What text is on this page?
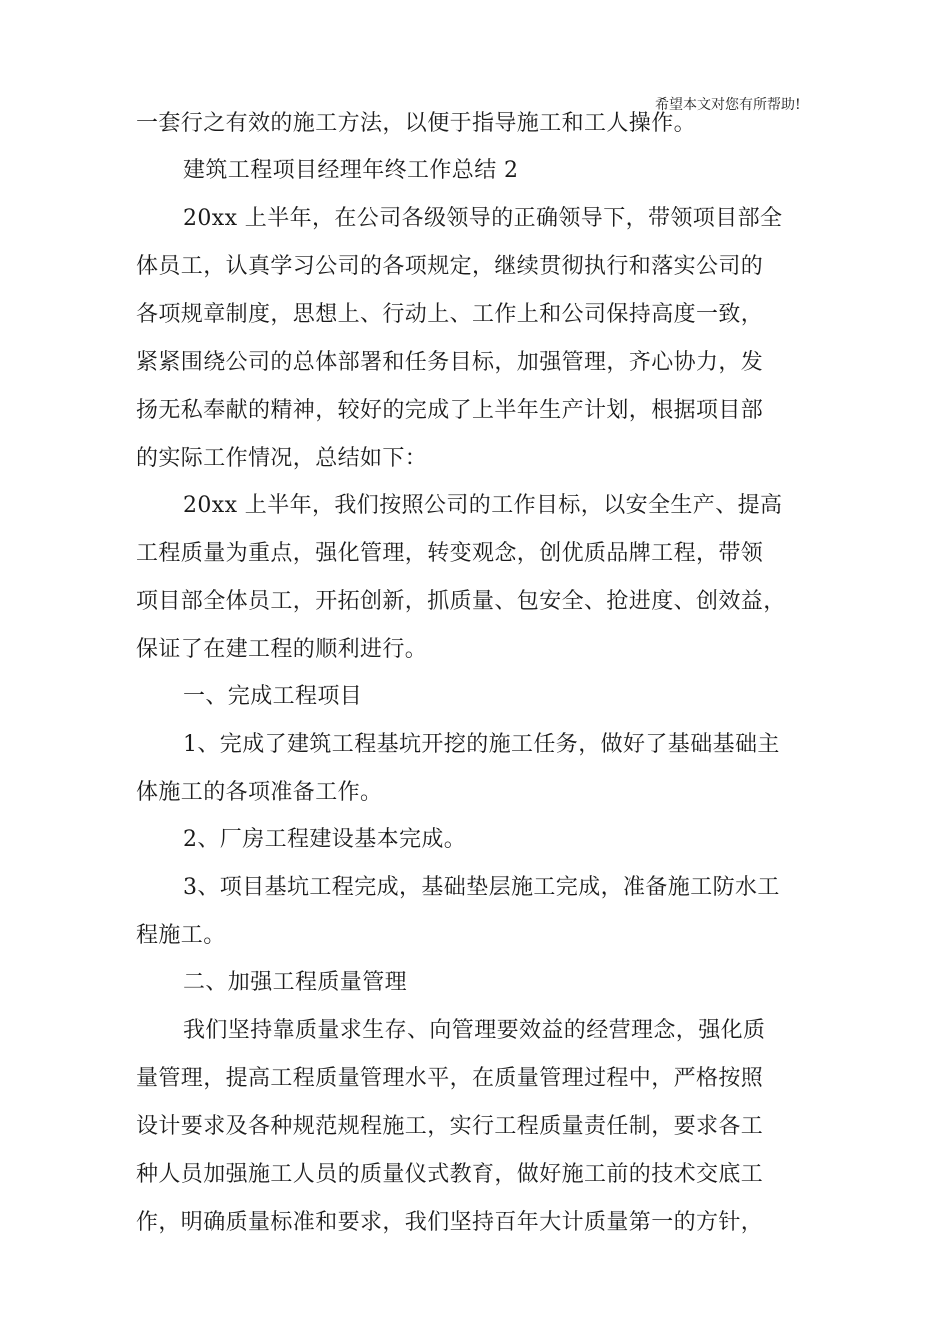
希望本文对您有所帮助!
一套行之有效的施工方法，以便于指导施工和工人操作。
建筑工程项目经理年终工作总结 2
20xx 上半年，在公司各级领导的正确领导下，带领项目部全
体员工，认真学习公司的各项规定，继续贯彻执行和落实公司的
各项规章制度，思想上、行动上、工作上和公司保持高度一致，
紧紧围绕公司的总体部署和任务目标，加强管理，齐心协力，发
扬无私奉献的精神，较好的完成了上半年生产计划，根据项目部
的实际工作情况，总结如下：
20xx 上半年，我们按照公司的工作目标，以安全生产、提高
工程质量为重点，强化管理，转变观念，创优质品牌工程，带领
项目部全体员工，开拓创新，抓质量、包安全、抢进度、创效益，
保证了在建工程的顺利进行。
一、完成工程项目
1、完成了建筑工程基坑开挖的施工任务，做好了基础基础主
体施工的各项准备工作。
2、厂房工程建设基本完成。
3、项目基坑工程完成，基础垫层施工完成，准备施工防水工
程施工。
二、加强工程质量管理
我们坚持靠质量求生存、向管理要效益的经营理念，强化质
量管理，提高工程质量管理水平，在质量管理过程中，严格按照
设计要求及各种规范规程施工，实行工程质量责任制，要求各工
种人员加强施工人员的质量仪式教育，做好施工前的技术交底工
作，明确质量标准和要求，我们坚持百年大计质量第一的方针，
